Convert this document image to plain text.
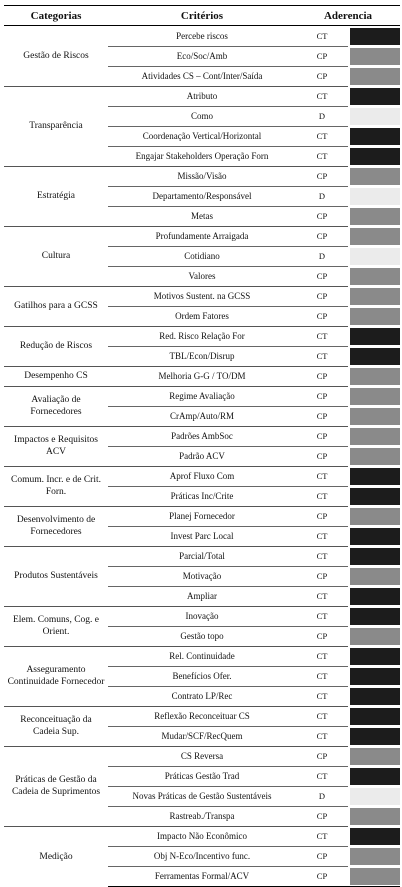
Categorias	Critérios	Aderencia	
Gestão de Riscos	Percebe riscos	CT	

	Eco/Soc/Amb	CP	

	Atividades CS – Cont/Inter/Saída	CP	

Transparência	Atributo	CT	

	Como	D	

	Coordenação Vertical/Horizontal	CT	

	Engajar Stakeholders Operação Forn	CT	

Estratégia	Missão/Visão	CP	

	Departamento/Responsável	D	

	Metas	CP	

Cultura	Profundamente Arraigada	CP	

	Cotidiano	D	

	Valores	CP	

Gatilhos para a GCSS	Motivos Sustent. na GCSS	CP	

	Ordem Fatores	CP	

Redução de Riscos	Red. Risco Relação For	CT	

	TBL/Econ/Disrup	CT	

Desempenho CS	Melhoria G-G / TO/DM	CP	

Avaliação de Fornecedores	Regime Avaliação	CP	

	CrAmp/Auto/RM	CP	

Impactos e Requisitos ACV	Padrões AmbSoc	CP	

	Padrão ACV	CP	

Comum. Incr. e de Crit. Forn.	Aprof Fluxo Com	CT	

	Práticas Inc/Crite	CT	

Desenvolvimento de Fornecedores	Planej Fornecedor	CP	

	Invest Parc Local	CT	

Produtos Sustentáveis	Parcial/Total	CT	

	Motivação	CP	

	Ampliar	CT	

Elem. Comuns, Cog. e Orient.	Inovação	CT	

	Gestão topo	CP	

Asseguramento Continuidade Fornecedor	Rel. Continuidade	CT	

	Benefícios Ofer.	CT	

	Contrato LP/Rec	CT	

Reconceituação da Cadeia Sup.	Reflexão Reconceituar CS	CT	

	Mudar/SCF/RecQuem	CT	

Práticas de Gestão da Cadeia de Suprimentos	CS Reversa	CP	

	Práticas Gestão Trad	CT	

	Novas Práticas de Gestão Sustentáveis	D	

	Rastreab./Transpa	CP	

Medição	Impacto Não Econômico	CT	

	Obj N-Eco/Incentivo func.	CP	

	Ferramentas Formal/ACV	CP	
